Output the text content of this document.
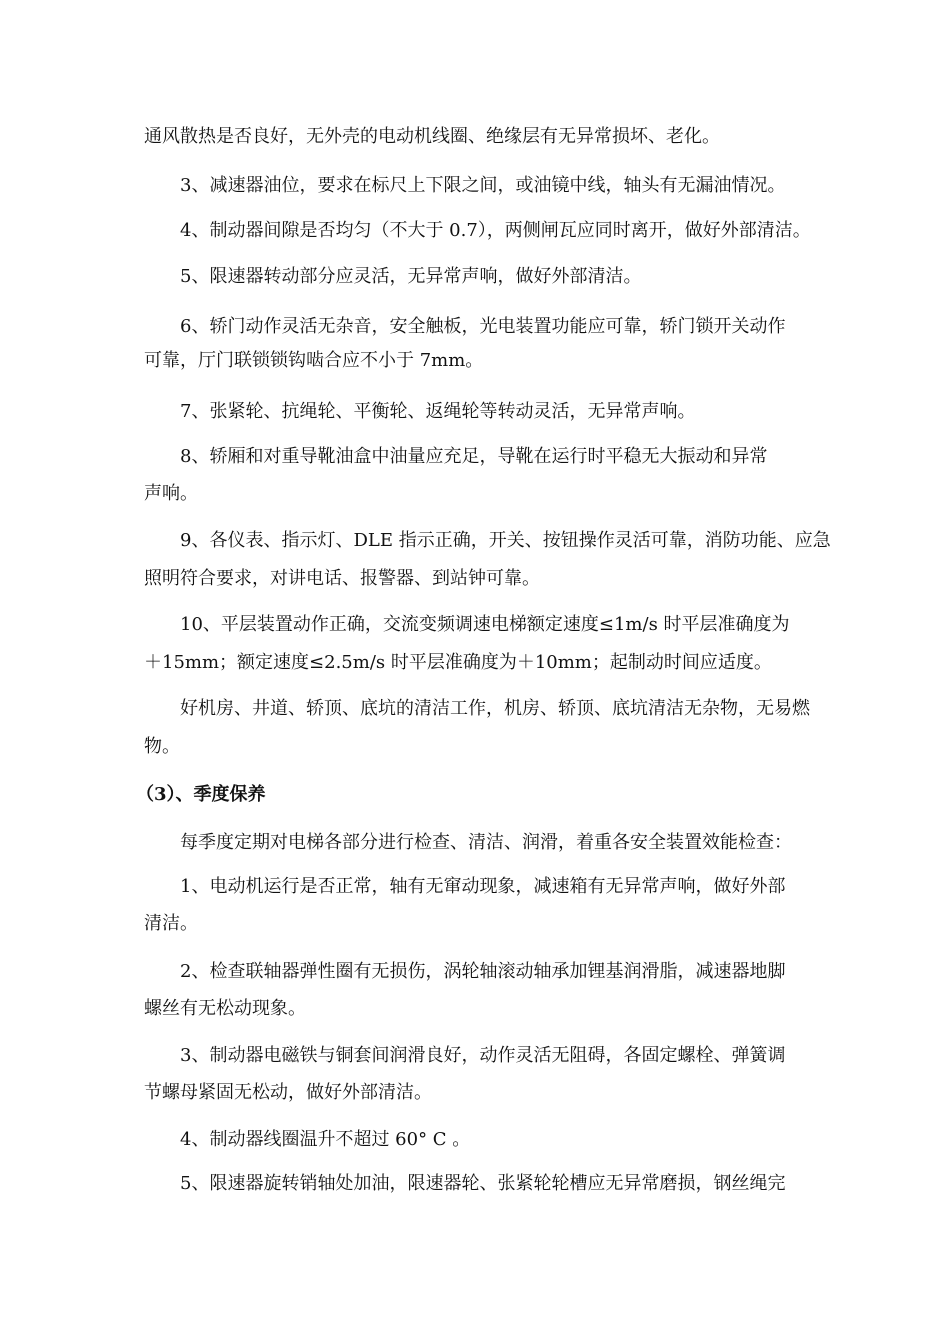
通风散热是否良好，无外壳的电动机线圈、绝缘层有无异常损坏、老化。
3、减速器油位，要求在标尺上下限之间，或油镜中线，轴头有无漏油情况。
4、制动器间隙是否均匀（不大于 0.7），两侧闸瓦应同时离开，做好外部清洁。
5、限速器转动部分应灵活，无异常声响，做好外部清洁。
6、轿门动作灵活无杂音，安全触板，光电装置功能应可靠，轿门锁开关动作
可靠，厅门联锁锁钩啮合应不小于 7mm。
7、张紧轮、抗绳轮、平衡轮、返绳轮等转动灵活，无异常声响。
8、轿厢和对重导靴油盒中油量应充足，导靴在运行时平稳无大振动和异常
声响。
9、各仪表、指示灯、DLE 指示正确，开关、按钮操作灵活可靠，消防功能、应急
照明符合要求，对讲电话、报警器、到站钟可靠。
10、平层装置动作正确，交流变频调速电梯额定速度≤1m/s 时平层准确度为
＋15mm；额定速度≤2.5m/s 时平层准确度为＋10mm；起制动时间应适度。
好机房、井道、轿顶、底坑的清洁工作，机房、轿顶、底坑清洁无杂物，无易燃
物。
（3）、季度保养
每季度定期对电梯各部分进行检查、清洁、润滑，着重各安全装置效能检查：
1、电动机运行是否正常，轴有无窜动现象，减速箱有无异常声响，做好外部
清洁。
2、检查联轴器弹性圈有无损伤，涡轮轴滚动轴承加锂基润滑脂，减速器地脚
螺丝有无松动现象。
3、制动器电磁铁与铜套间润滑良好，动作灵活无阻碍，各固定螺栓、弹簧调
节螺母紧固无松动，做好外部清洁。
4、制动器线圈温升不超过 60° C 。
5、限速器旋转销轴处加油，限速器轮、张紧轮轮槽应无异常磨损，钢丝绳完
